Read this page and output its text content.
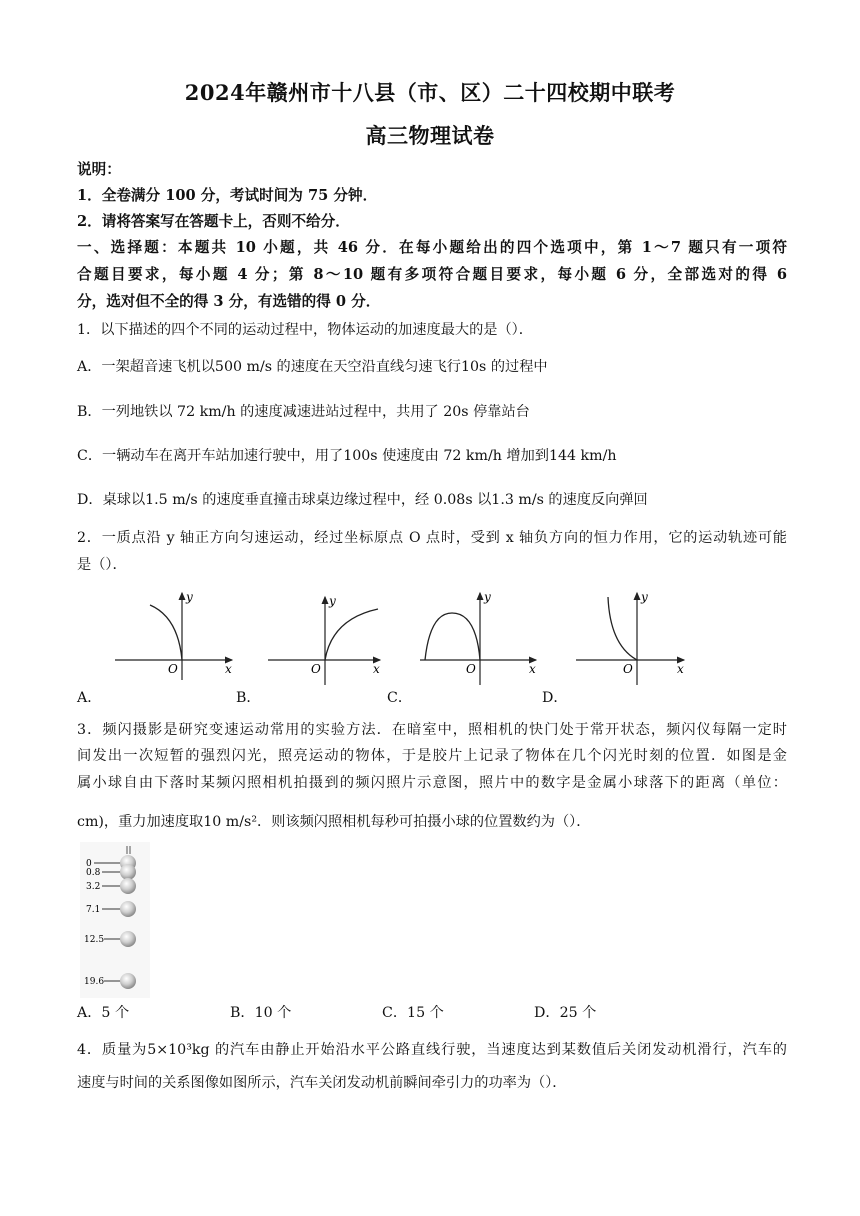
2024年赣州市十八县（市、区）二十四校期中联考
高三物理试卷
说明：
1．全卷满分 100 分，考试时间为 75 分钟．
2．请将答案写在答题卡上，否则不给分．
一、选择题：本题共 10 小题，共 46 分．在每小题给出的四个选项中，第 1～7 题只有一项符
合题目要求，每小题 4 分；第 8～10 题有多项符合题目要求，每小题 6 分，全部选对的得 6
分，选对但不全的得 3 分，有选错的得 0 分．
1．以下描述的四个不同的运动过程中，物体运动的加速度最大的是（）．
A．一架超音速飞机以500 m/s 的速度在天空沿直线匀速飞行10s 的过程中
B．一列地铁以 72 km/h 的速度减速进站过程中，共用了 20s 停靠站台
C．一辆动车在离开车站加速行驶中，用了100s 使速度由 72 km/h 增加到144 km/h
D．桌球以1.5 m/s 的速度垂直撞击球桌边缘过程中，经 0.08s 以1.3 m/s 的速度反向弹回
2．一质点沿 y 轴正方向匀速运动，经过坐标原点 O 点时，受到 x 轴负方向的恒力作用，它的运动轨迹可能
是（）．
y
x
O
y
x
O
y
x
O
y
x
O
A．	B．	C．	D．
3．频闪摄影是研究变速运动常用的实验方法．在暗室中，照相机的快门处于常开状态，频闪仪每隔一定时
间发出一次短暂的强烈闪光，照亮运动的物体，于是胶片上记录了物体在几个闪光时刻的位置．如图是金
属小球自由下落时某频闪照相机拍摄到的频闪照片示意图，照片中的数字是金属小球落下的距离（单位：
cm)，重力加速度取10 m/s²．则该频闪照相机每秒可拍摄小球的位置数约为（）．
0
0.8
3.2
7.1
12.5
19.6
A．5 个	B．10 个	C．15 个	D．25 个
4．质量为5×10³kg 的汽车由静止开始沿水平公路直线行驶，当速度达到某数值后关闭发动机滑行，汽车的
速度与时间的关系图像如图所示，汽车关闭发动机前瞬间牵引力的功率为（）．
